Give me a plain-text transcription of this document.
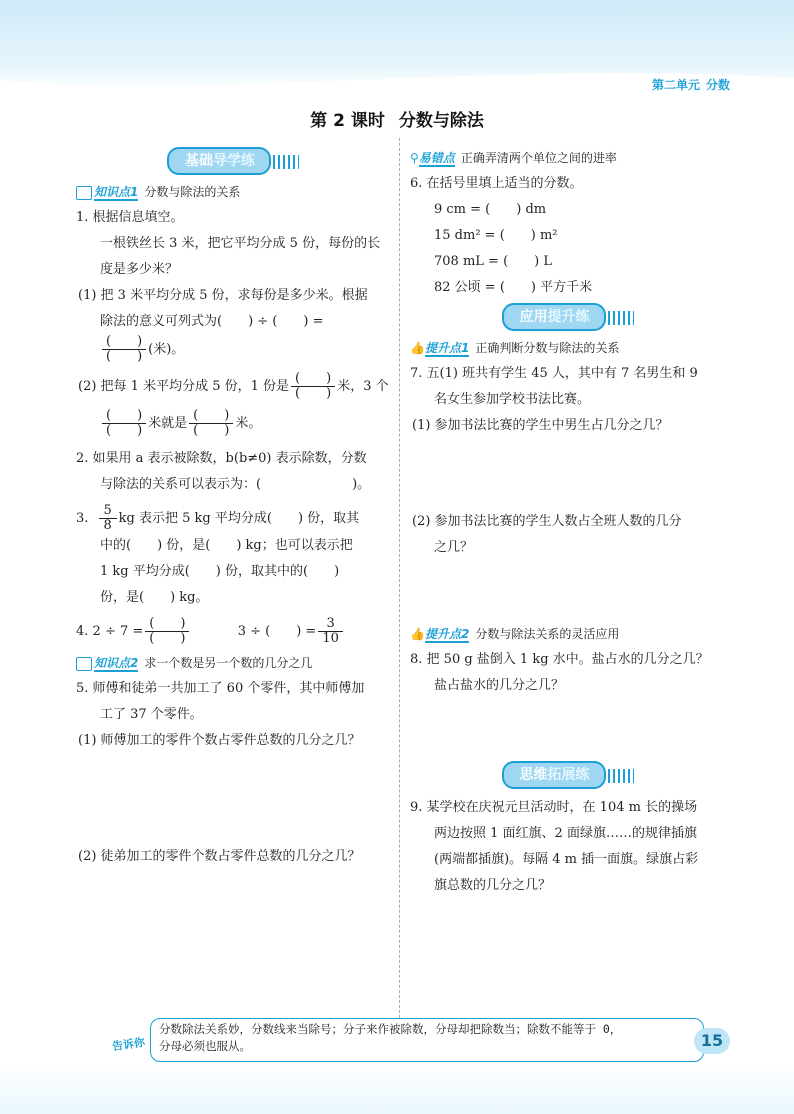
第二单元 分数
第 2 课时 分数与除法
基础导学练
知识点1 分数与除法的关系
1. 根据信息填空。
一根铁丝长 3 米，把它平均分成 5 份，每份的长
度是多少米？
(1) 把 3 米平均分成 5 份，求每份是多少米。根据
除法的意义可列式为(　　) ÷ (　　) =
$\frac{( )}{( )}$ (米)。
(2) 把每 1 米平均分成 5 份，1 份是 $\frac{( )}{( )}$ 米，3 个
$\frac{( )}{( )}$ 米就是 $\frac{( )}{( )}$ 米。
2. 如果用 a 表示被除数，b(b≠0) 表示除数，分数
与除法的关系可以表示为：(　　　　　　　)。
3. $\frac{5}{8}$ kg 表示把 5 kg 平均分成(　　) 份，取其
中的(　　) 份，是(　　) kg；也可以表示把
1 kg 平均分成(　　) 份，取其中的(　　)
份，是(　　) kg。
4. $2 \div 7 = \frac{( )}{( )}$	3 ÷ (　　) = $\frac{3}{10}$
知识点2 求一个数是另一个数的几分之几
5. 师傅和徒弟一共加工了 60 个零件，其中师傅加
工了 37 个零件。
(1) 师傅加工的零件个数占零件总数的几分之几？
(2) 徒弟加工的零件个数占零件总数的几分之几？
⚲易错点 正确弄清两个单位之间的进率
6. 在括号里填上适当的分数。
9 cm = (　　) dm
15 dm² = (　　) m²
708 mL = (　　) L
82 公顷 = (　　) 平方千米
应用提升练
👍提升点1 正确判断分数与除法的关系
7. 五(1) 班共有学生 45 人，其中有 7 名男生和 9
名女生参加学校书法比赛。
(1) 参加书法比赛的学生中男生占几分之几？
(2) 参加书法比赛的学生人数占全班人数的几分
之几？
👍提升点2 分数与除法关系的灵活应用
8. 把 50 g 盐倒入 1 kg 水中。盐占水的几分之几？
盐占盐水的几分之几？
思维拓展练
9. 某学校在庆祝元旦活动时，在 104 m 长的操场
两边按照 1 面红旗、2 面绿旗……的规律插旗
(两端都插旗)。每隔 4 m 插一面旗。绿旗占彩
旗总数的几分之几？
告诉你
分数除法关系妙，分数线来当除号；分子来作被除数，分母却把除数当；除数不能等于 0，
分母必须也服从。	15
